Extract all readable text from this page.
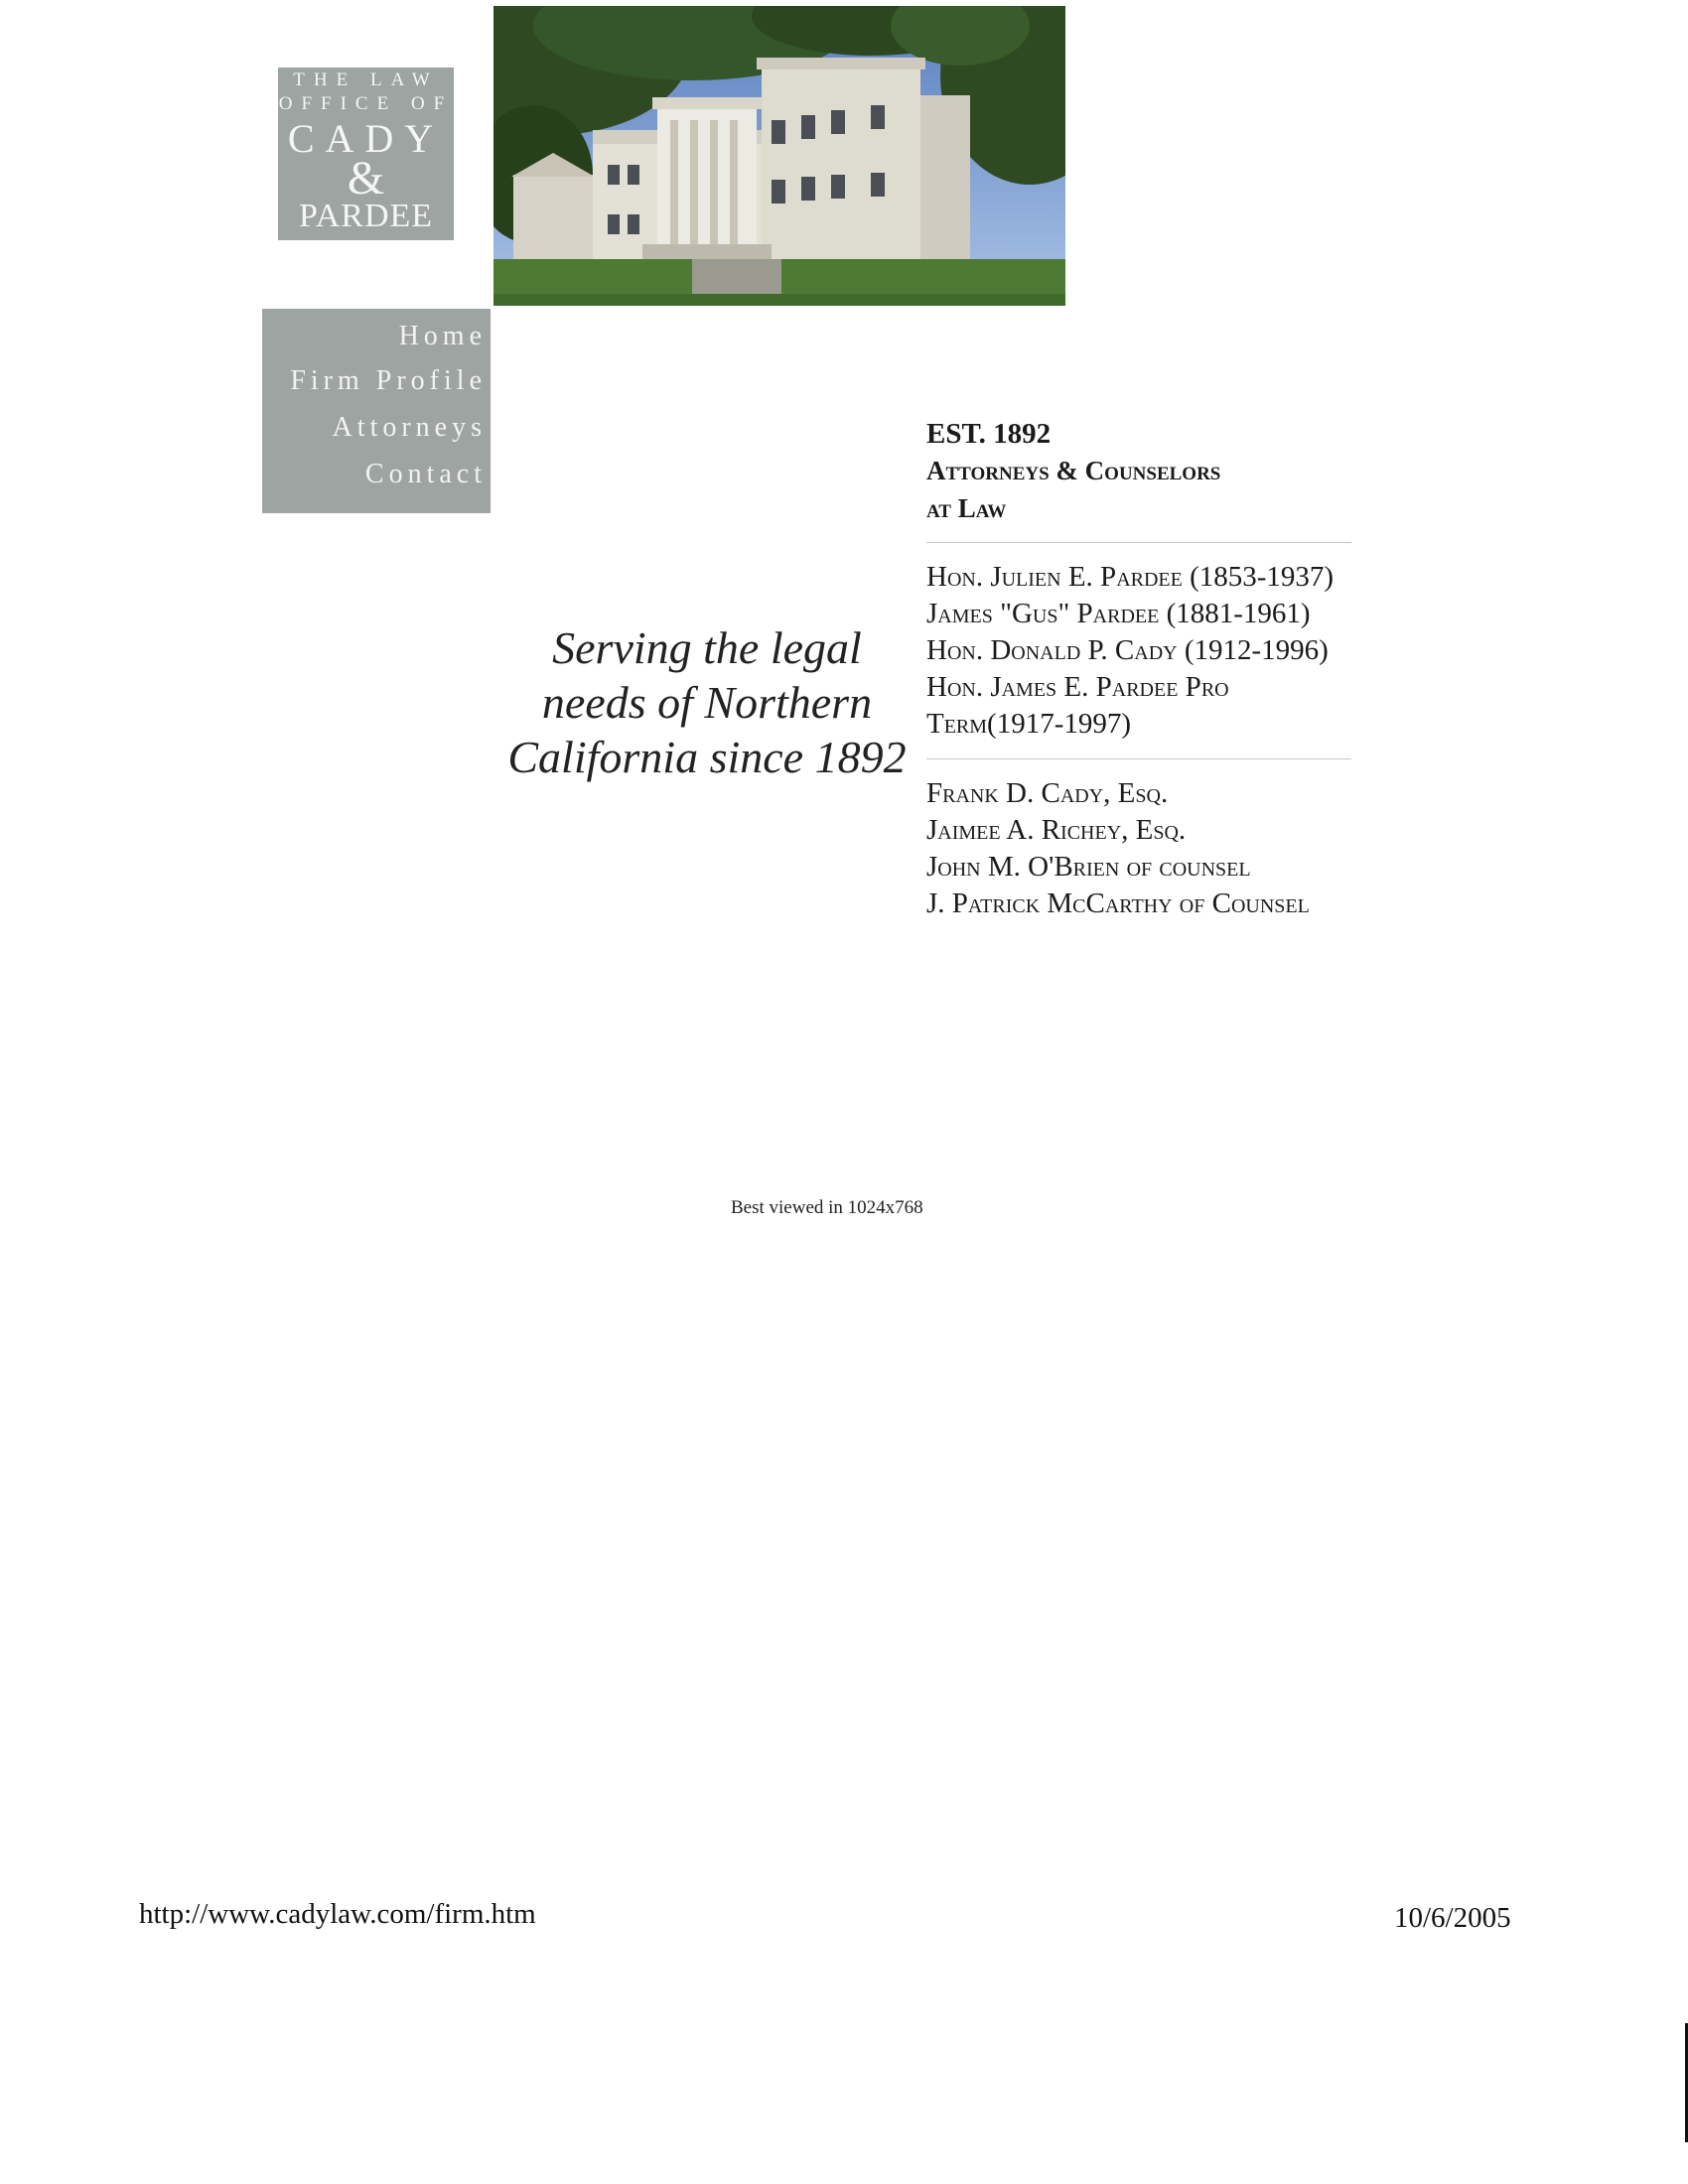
THE LAW
OFFICE OF
CADY
&
PARDEE
Home
Firm Profile
Attorneys
Contact
Serving the legal needs of Northern California since 1892
EST. 1892
Attorneys & Counselors
at Law
Hon. Julien E. Pardee (1853-1937)
James "Gus" Pardee (1881-1961)
Hon. Donald P. Cady (1912-1996)
Hon. James E. Pardee Pro Term(1917-1997)
Frank D. Cady, Esq.
Jaimee A. Richey, Esq.
John M. O'Brien of counsel
J. Patrick McCarthy of Counsel
Best viewed in 1024x768
http://www.cadylaw.com/firm.htm	10/6/2005
